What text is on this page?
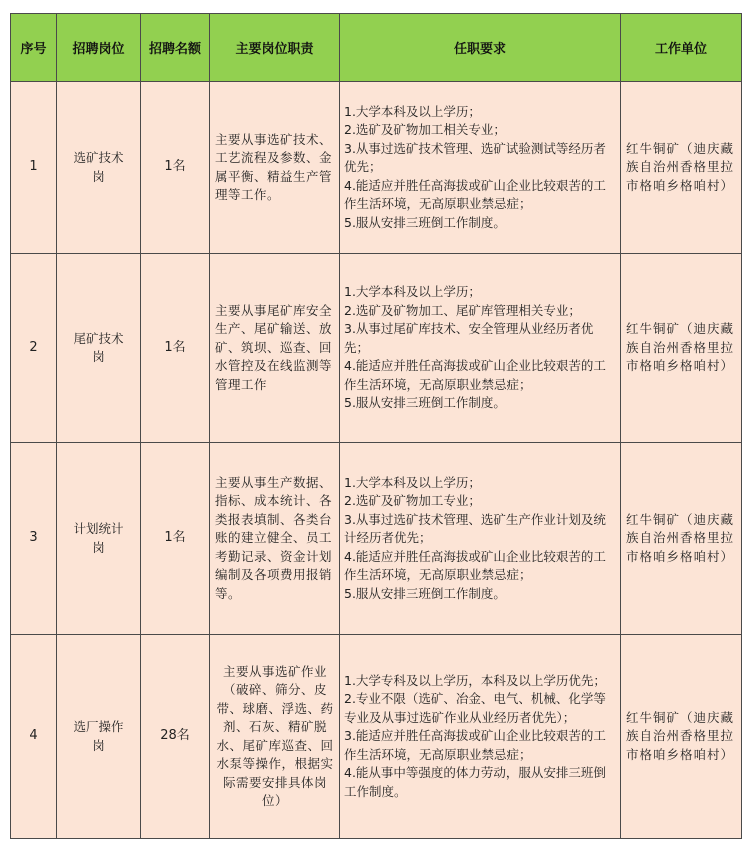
序号	招聘岗位	招聘名额	主要岗位职责	任职要求	工作单位
1	选矿技术岗	1名	主要从事选矿技术、工艺流程及参数、金属平衡、精益生产管理等工作。	1.大学本科及以上学历；
2.选矿及矿物加工相关专业；
3.从事过选矿技术管理、选矿试验测试等经历者优先；
4.能适应并胜任高海拔或矿山企业比较艰苦的工作生活环境，无高原职业禁忌症；
5.服从安排三班倒工作制度。	红牛铜矿（迪庆藏族自治州香格里拉市格咱乡格咱村）
2	尾矿技术岗	1名	主要从事尾矿库安全生产、尾矿输送、放矿、筑坝、巡查、回水管控及在线监测等管理工作	1.大学本科及以上学历；
2.选矿及矿物加工、尾矿库管理相关专业；
3.从事过尾矿库技术、安全管理从业经历者优先；
4.能适应并胜任高海拔或矿山企业比较艰苦的工作生活环境，无高原职业禁忌症；
5.服从安排三班倒工作制度。	红牛铜矿（迪庆藏族自治州香格里拉市格咱乡格咱村）
3	计划统计岗	1名	主要从事生产数据、指标、成本统计、各类报表填制、各类台账的建立健全、员工考勤记录、资金计划编制及各项费用报销等。	1.大学本科及以上学历；
2.选矿及矿物加工专业；
3.从事过选矿技术管理、选矿生产作业计划及统计经历者优先；
4.能适应并胜任高海拔或矿山企业比较艰苦的工作生活环境，无高原职业禁忌症；
5.服从安排三班倒工作制度。	红牛铜矿（迪庆藏族自治州香格里拉市格咱乡格咱村）
4	选厂操作岗	28名	主要从事选矿作业（破碎、筛分、皮带、球磨、浮选、药剂、石灰、精矿脱水、尾矿库巡查、回水泵等操作，根据实际需要安排具体岗位）	1.大学专科及以上学历，本科及以上学历优先；
2.专业不限（选矿、冶金、电气、机械、化学等专业及从事过选矿作业从业经历者优先）；
3.能适应并胜任高海拔或矿山企业比较艰苦的工作生活环境，无高原职业禁忌症；
4.能从事中等强度的体力劳动，服从安排三班倒工作制度。	红牛铜矿（迪庆藏族自治州香格里拉市格咱乡格咱村）
